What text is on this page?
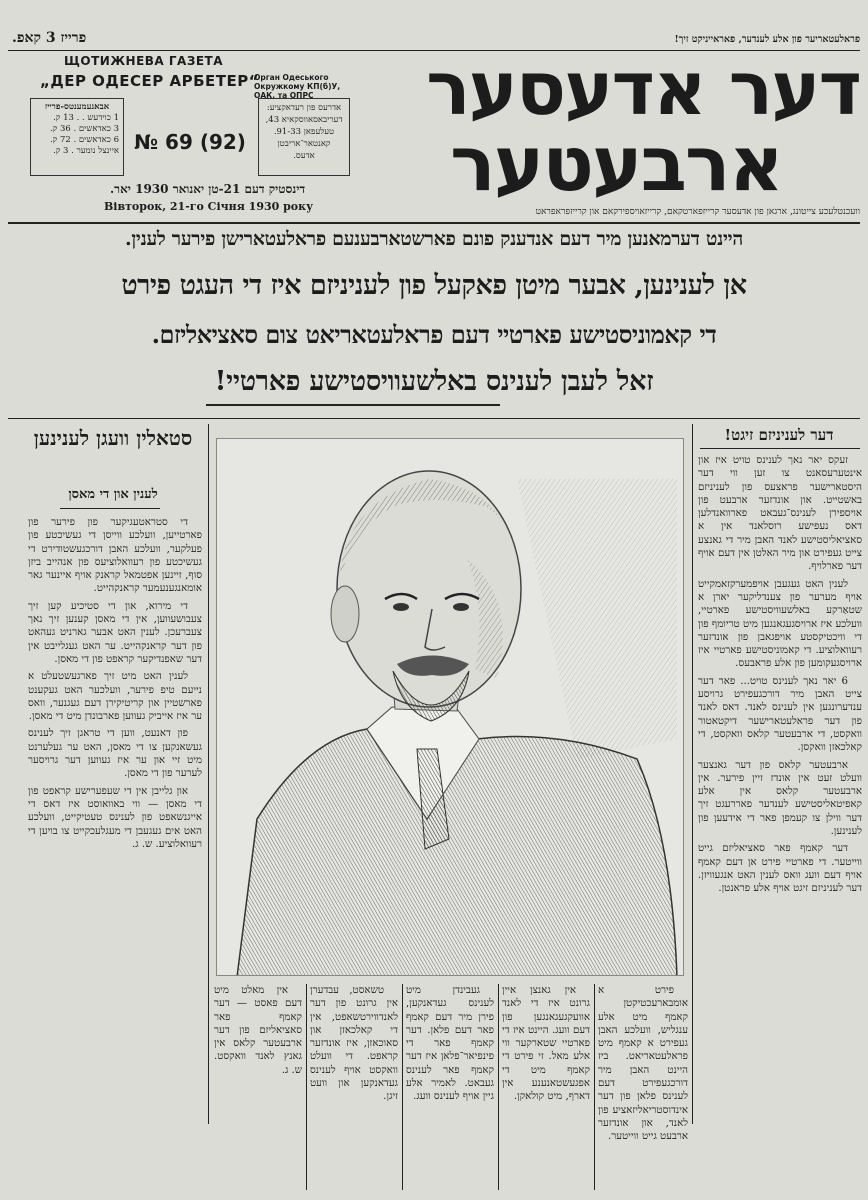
פראלעטאריער פון אלע לענדער, פאראייניקט זיך!
פרייז 3 קאפ.
ЩОТИЖНЕВА ГАЗЕТА
„ДЕР ОДЕСЕР АРБЕТЕР“
Орган Одеського Окружкому КП(б)У, ОАК. та ОПРС
אבאנעמענטס-פרייז
1 כוידעש . . 13 ק.
3 כאדאשים . 36 ק.
6 כאדאשים . 72 ק.
איינצל נומער . 3 ק. № 69 (92)
אדרעס פון רעדאקציע:
דעריבאסאווסקאיא 43,
טעלעפאן 91-33.
קאנטאר־אריבטן
אדעס.
דינסטיק דעם 21-טן יאנואר 1930 יאר.
Вівторок, 21-го Січня 1930 року
דער אדעסער
ארבעטער
וועכנטלעכע צייטונג, ארגאן פון אדעסער קרייזפארטקאם, קרייזאויספירקאם און קרייזפראפראט
היינט דערמאנען מיר דעם אנדענק פונם פארשטארבענעם פראלעטארישן פירער לענין.
אן לענינען, אבער מיטן פאקעל פון לעניניזם איז די העגט פירט
די קאמוניסטישע פארטיי דעם פראלעטאריאט צום סאציאליזם.
זאל לעבן לענינס באלשעוויסטישע פארטיי!
סטאלין וועגן לענינען
לענין און די מאסן

די סטראטעגיקער פון פירער פון פארטייען, וועלכע ווייסן די געשיכטע פון פעלקער, וועלכע האבן דורכגעשטודירט די געשיכטע פון רעוואלוציעס פון אנהייב ביזן סוף, זיינען אפטמאל קראנק אויף איינער גאר אומאנגענעמער קראנקהייט.

די מירוא, און די סטיכיע קען זיך צעבושעווען, אין די מאסן קענען זיך נאך צעברעכן. לענין האט אבער גארניט געהאט פון דער קראנקהייט. ער האט געגלייבט אין דער שאפנדיקער קראפט פון די מאסן.

לענין האט מיט זיך פארגעשטעלט א נייעם טיפ פירער, וועלכער האט געקענט פארשטיין און קריטיקירן דעם געגנער, וואס ער איז אייביק געווען פארבונדן מיט די מאסן.

פון דאנעט, ווען די טראגן זיך לענינס געשאנקען צו די מאסן, האט ער געלערנט מיט זיי און ער איז געווען דער גרויסער לערער פון די מאסן.

און גלייבן אין די שעפערישע קראפט פון די מאסן — ווי באוואוסט איז דאס די אייגנשאפט פון לענינס טעטיקייט, וועלכע האט אים געגעבן די מעגלעכקייט צו בויען די רעוואלוציע. ש. ג.

דער לעניניזם זיגט!

זעקס יאר נאך לענינס טויט איז און אינטערעסאנט צו זען ווי דער היסטארישער פראצעס פון לעניניזם באשטייט. און אונדזער ארבעט פון אויספירן לענינס־געבאט פארוואנדלען דאס נעפישע רוסלאנד אין א סאציאליסטישע לאנד האבן מיר די גאנצע צייט געפירט און מיר האלטן אין דעם אויף דער פארלויף.

לענין האט געגעבן אויפמערקזאמקייט אויף מערער פון צענדליקער יארן א שטאַרקע באלשעוויסטישע פארטיי, וועלכע איז ארויסגעגאנגען מיט טריומף פון די וויכטיקסטע אויפגאבן פון אונדזער רעוואלוציע. די קאמוניסטישע פארטיי איז ארויסגעקומען פון אלע פראבעס.

6 יאר נאך לענינס טויט... פאר דער צייט האבן מיר דורכגעפירט גרויסע ענדערונגען אין לענינס לאנד. דאס לאנד פון דער פראלעטארישער דיקטאטור וואקסט, די ארבעטער קלאס וואקסט, די קאלכאזן וואקסן.

ארבעטער קלאס פון דער גאנצער וועלט זעט אין אונדז זיין פירער. אין ארבעטער קלאס אין אלע קאפיטאליסטישע לענדער פאררעגט זיך דער ווילן צו קעמפן פאר די אידעען פון לענינען.

דער קאמף פאר סאציאליזם גייט ווייטער. די פארטיי פירט אן דעם קאמף אויף דעם וועג וואס לענין האט אנגעוויזן. דער לעניניזם זיגט אויף אלע פראנטן.

אין מאלט מיט דעם פאסט — דער קאמף פאר סאציאליזם פון דער ארבעטער קלאס אין גאנץ לאנד וואקסט. ש. ג.

טשאסט, עבדערן אין גרונט פון דער לאנדווירטשאפט, אין די קאלכאזן און סאוכאזן, איז אונדזער קראפט. די וועלט וואקסט אויף לענינס געדאנקען און וועט זיגן.

געבינדן מיט לענינס געדאנקען, פירן מיר דעם קאמף פאר דעם פלאן. דער קאמף פאר די פינפיאר־פלאן איז דער קאמף פאר לענינס געבאט. לאמיר אלע גיין אויף לענינס וועג.

אין גאנצן איין גרונט איז די לאנד אוועקגעגאנגען פון דעם וועג. היינט איז די פארטיי שטארקער ווי אלע מאל. זי פירט די קאמף מיט די אפגעשטאנענע אין דארף, מיט קולאקן.

פירט א אומבארעכטיקטן קאמף מיט אלע ענגליש, וועלכע האבן געפירט א קאמף מיט פראלעטאריאט. ביז היינט האבן מיר דורכגעפירט דעם לענינס פלאן פון דער אינדוסטריאליזאציע פון לאנד, און אונדזער ארבעט גייט ווייטער.
